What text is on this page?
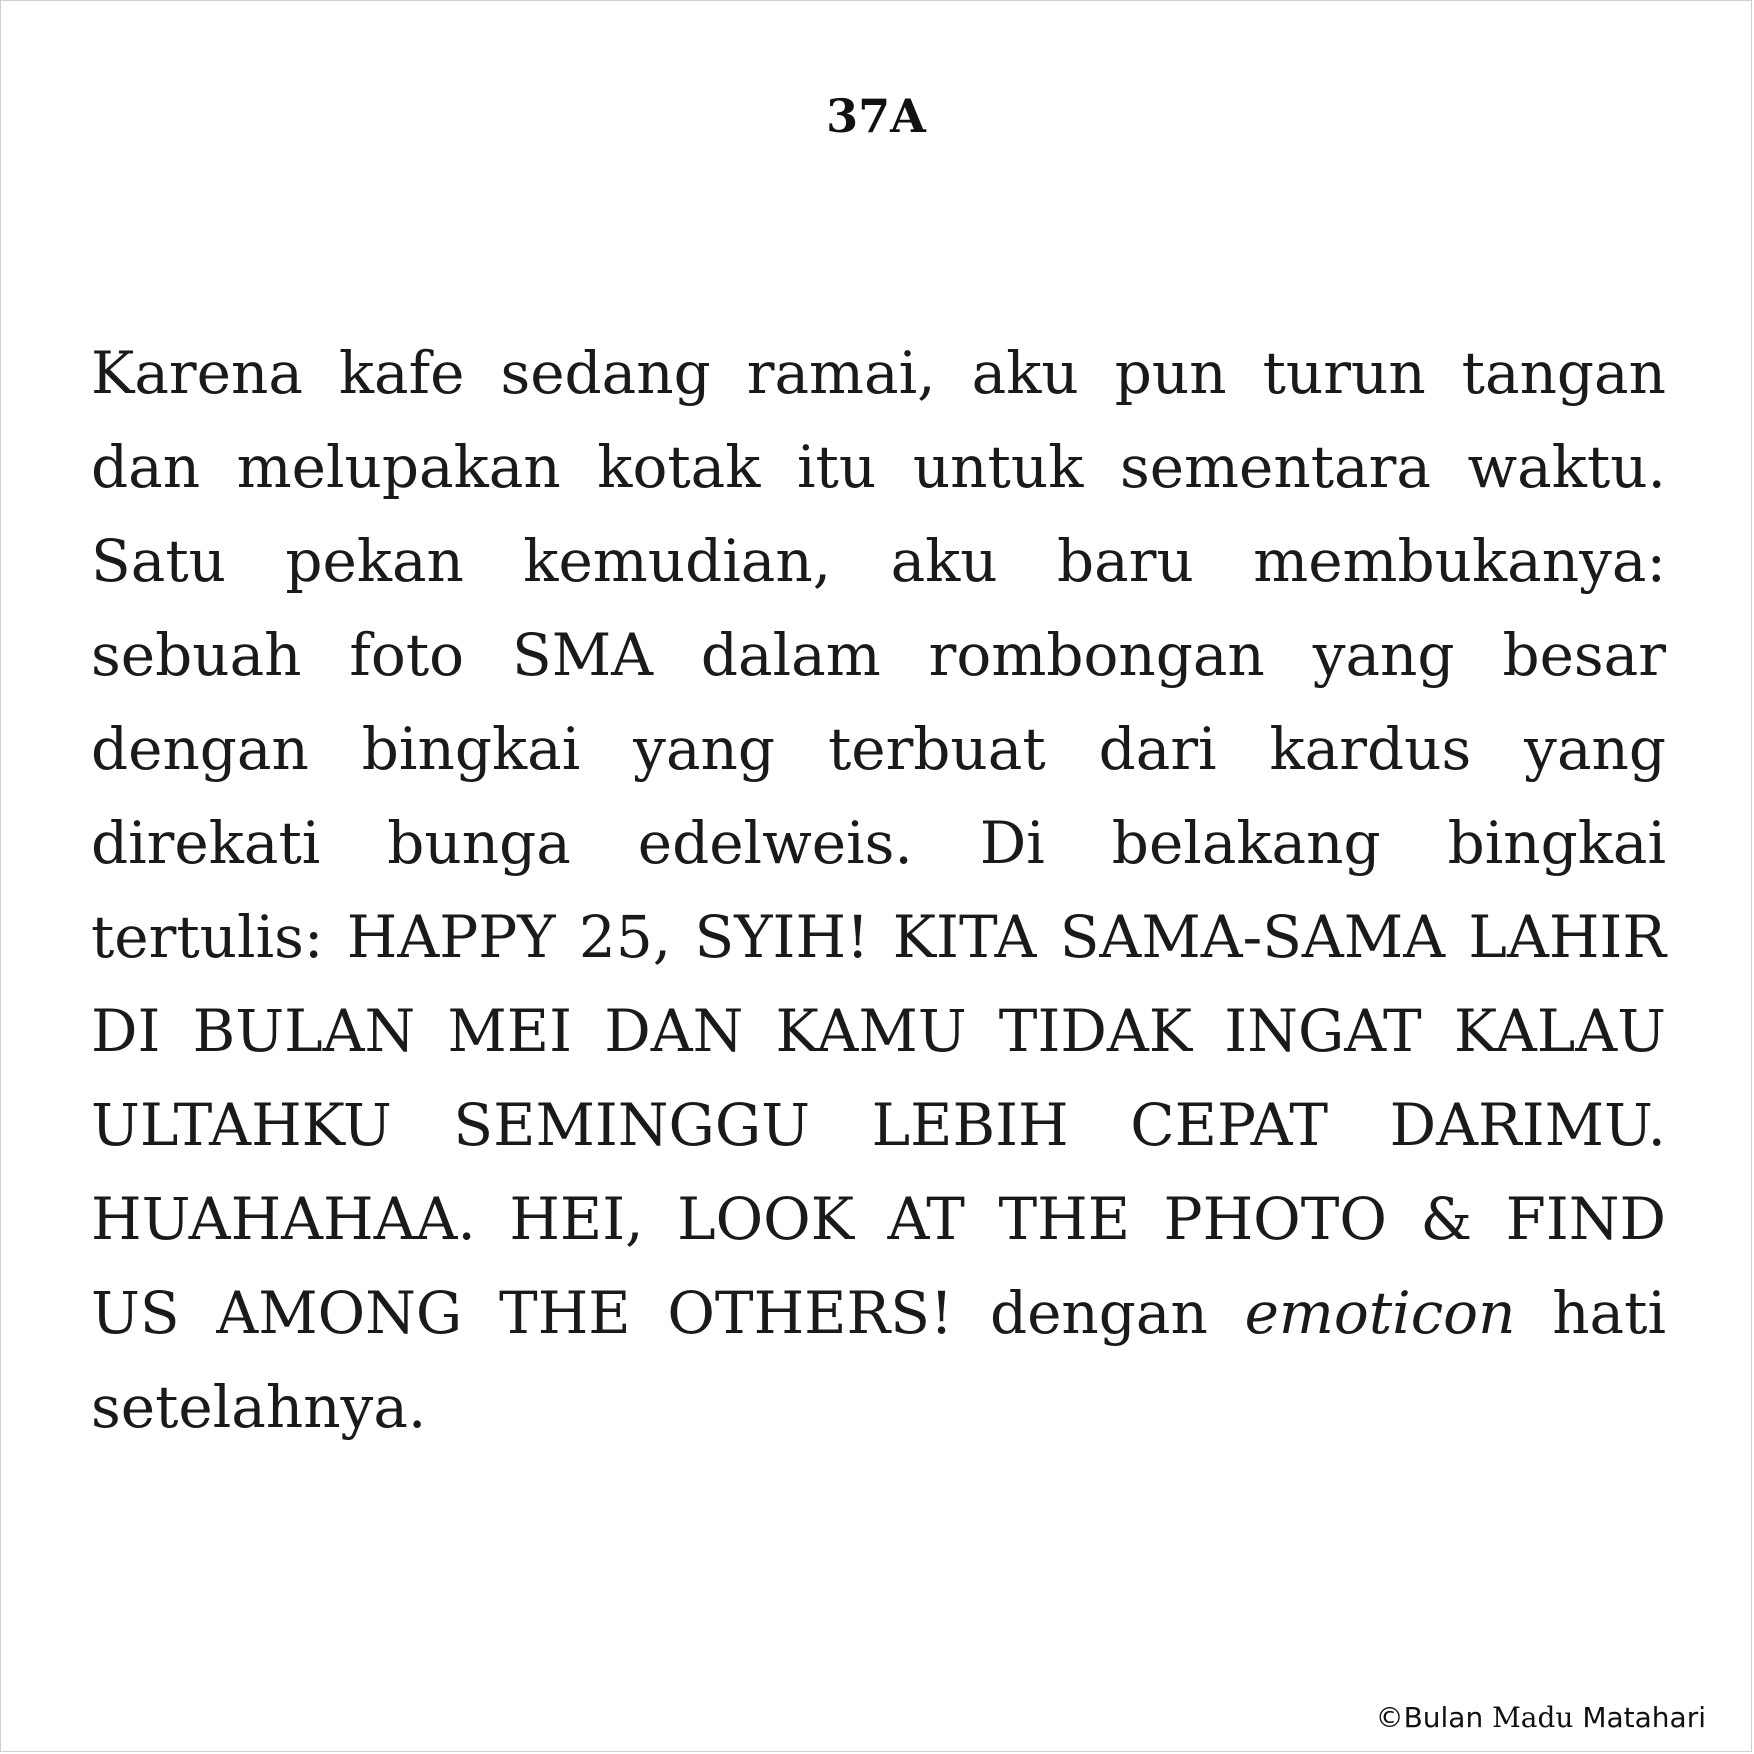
37A

Karena kafe sedang ramai, aku pun turun tangan dan melupakan kotak itu untuk sementara waktu. Satu pekan kemudian, aku baru membukanya: sebuah foto SMA dalam rombongan yang besar dengan bingkai yang terbuat dari kardus yang direkati bunga edelweis. Di belakang bingkai tertulis: HAPPY 25, SYIH! KITA SAMA-SAMA LAHIR DI BULAN MEI DAN KAMU TIDAK INGAT KALAU ULTAHKU SEMINGGU LEBIH CEPAT DARIMU. HUAHAHAA. HEI, LOOK AT THE PHOTO & FIND US AMONG THE OTHERS! dengan emoticon hati setelahnya.

©Bulan Madu Matahari
